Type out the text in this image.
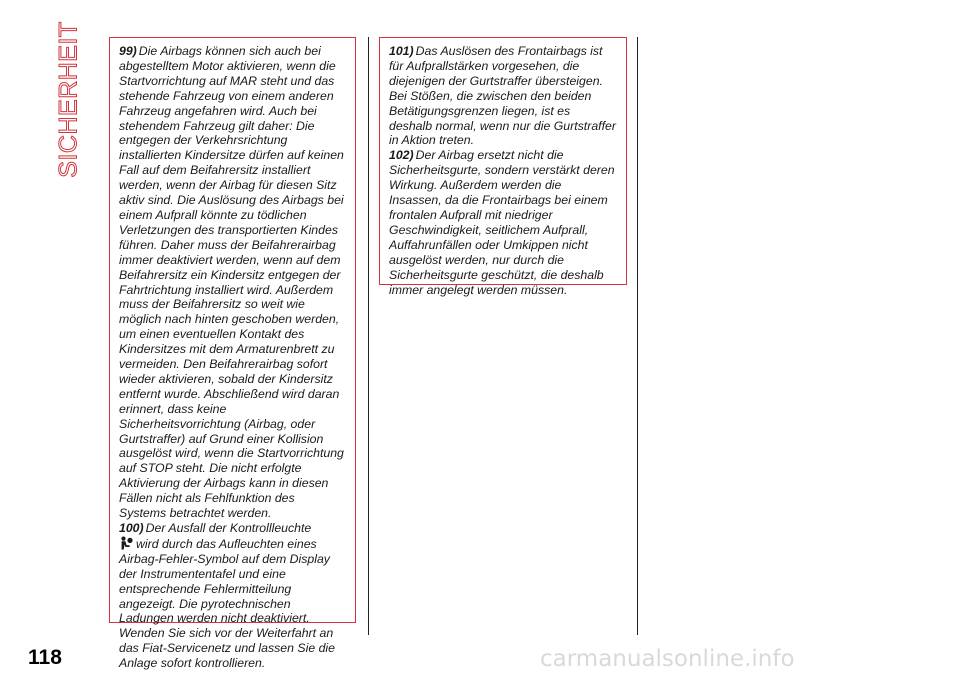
SICHERHEIT	99) Die Airbags können sich auch bei abgestelltem Motor aktivieren, wenn die Startvorrichtung auf MAR steht und das stehende Fahrzeug von einem anderen Fahrzeug angefahren wird. Auch bei stehendem Fahrzeug gilt daher: Die entgegen der Verkehrsrichtung installierten Kindersitze dürfen auf keinen Fall auf dem Beifahrersitz installiert werden, wenn der Airbag für diesen Sitz aktiv sind. Die Auslösung des Airbags bei einem Aufprall könnte zu tödlichen Verletzungen des transportierten Kindes führen. Daher muss der Beifahrerairbag immer deaktiviert werden, wenn auf dem Beifahrersitz ein Kindersitz entgegen der Fahrtrichtung installiert wird. Außerdem muss der Beifahrersitz so weit wie möglich nach hinten geschoben werden, um einen eventuellen Kontakt des Kindersitzes mit dem Armaturenbrett zu vermeiden. Den Beifahrerairbag sofort wieder aktivieren, sobald der Kindersitz entfernt wurde. Abschließend wird daran erinnert, dass keine Sicherheitsvorrichtung (Airbag, oder Gurtstraffer) auf Grund einer Kollision ausgelöst wird, wenn die Startvorrichtung auf STOP steht. Die nicht erfolgte Aktivierung der Airbags kann in diesen Fällen nicht als Fehlfunktion des Systems betrachtet werden.

100) Der Ausfall der Kontrollleuchte
wird durch das Aufleuchten eines Airbag-Fehler-Symbol auf dem Display der Instrumententafel und eine entsprechende Fehlermitteilung angezeigt. Die pyrotechnischen Ladungen werden nicht deaktiviert. Wenden Sie sich vor der Weiterfahrt an das Fiat-Servicenetz und lassen Sie die Anlage sofort kontrollieren.

101) Das Auslösen des Frontairbags ist für Aufprallstärken vorgesehen, die diejenigen der Gurtstraffer übersteigen. Bei Stößen, die zwischen den beiden Betätigungsgrenzen liegen, ist es deshalb normal, wenn nur die Gurtstraffer in Aktion treten.

102) Der Airbag ersetzt nicht die Sicherheitsgurte, sondern verstärkt deren Wirkung. Außerdem werden die Insassen, da die Frontairbags bei einem frontalen Aufprall mit niedriger Geschwindigkeit, seitlichem Aufprall, Auffahrunfällen oder Umkippen nicht ausgelöst werden, nur durch die Sicherheitsgurte geschützt, die deshalb immer angelegt werden müssen.

118	carmanualsonline.info
